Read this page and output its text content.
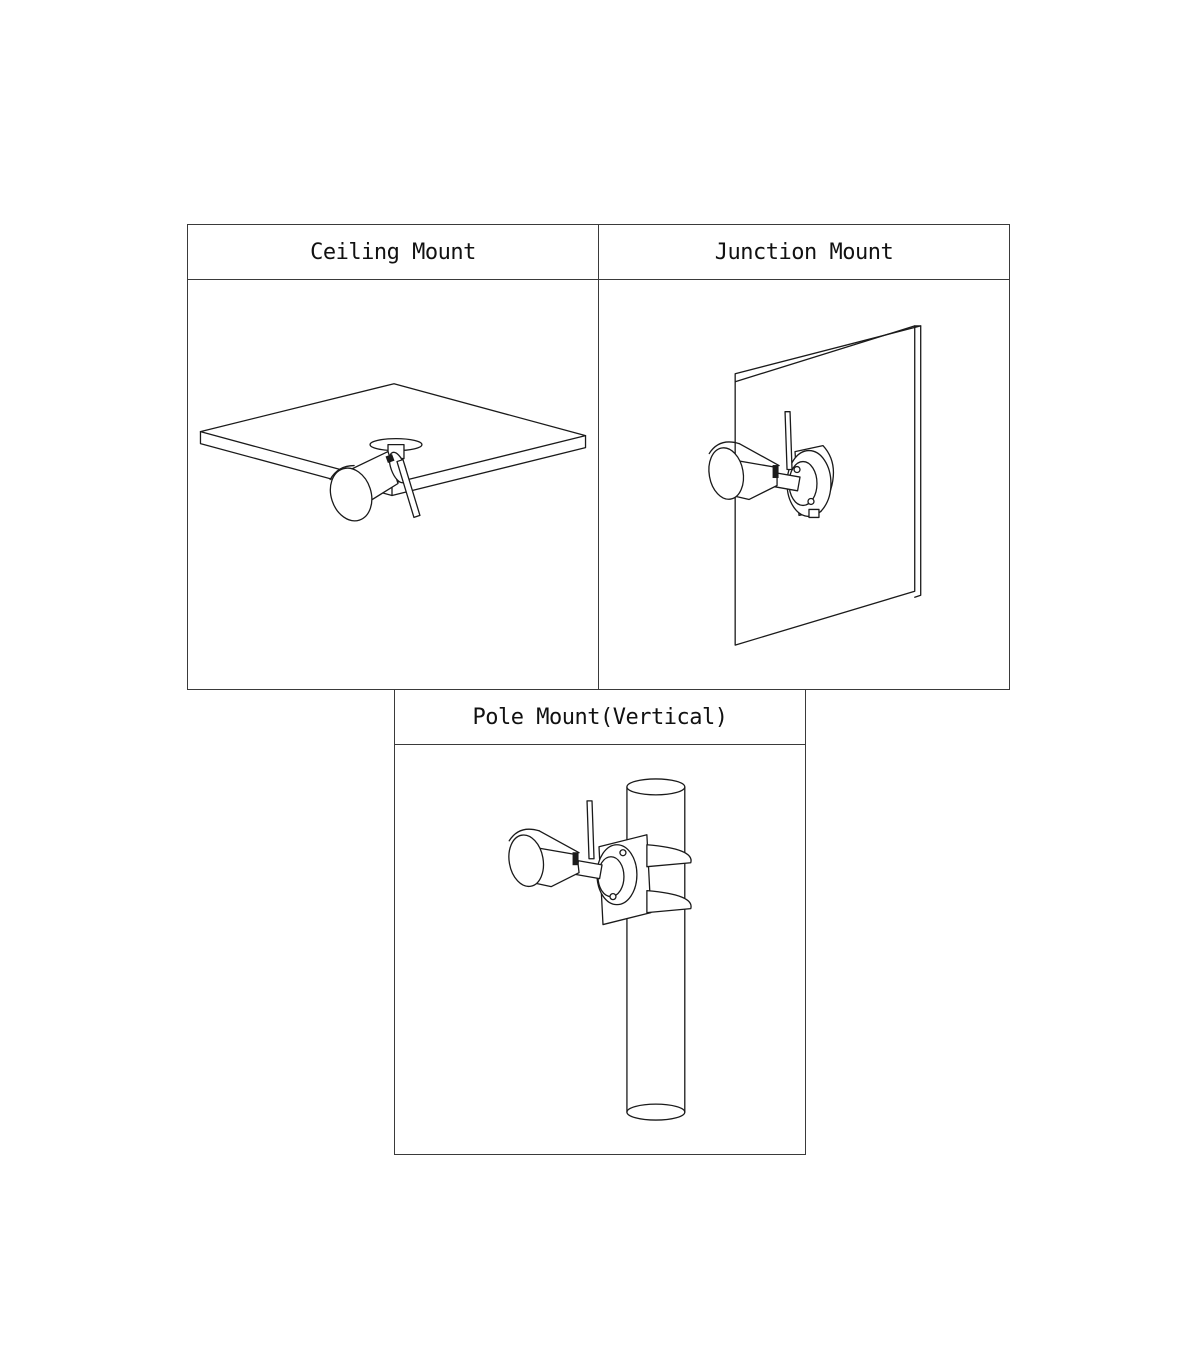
Ceiling Mount	Junction Mount
Pole Mount(Vertical)
